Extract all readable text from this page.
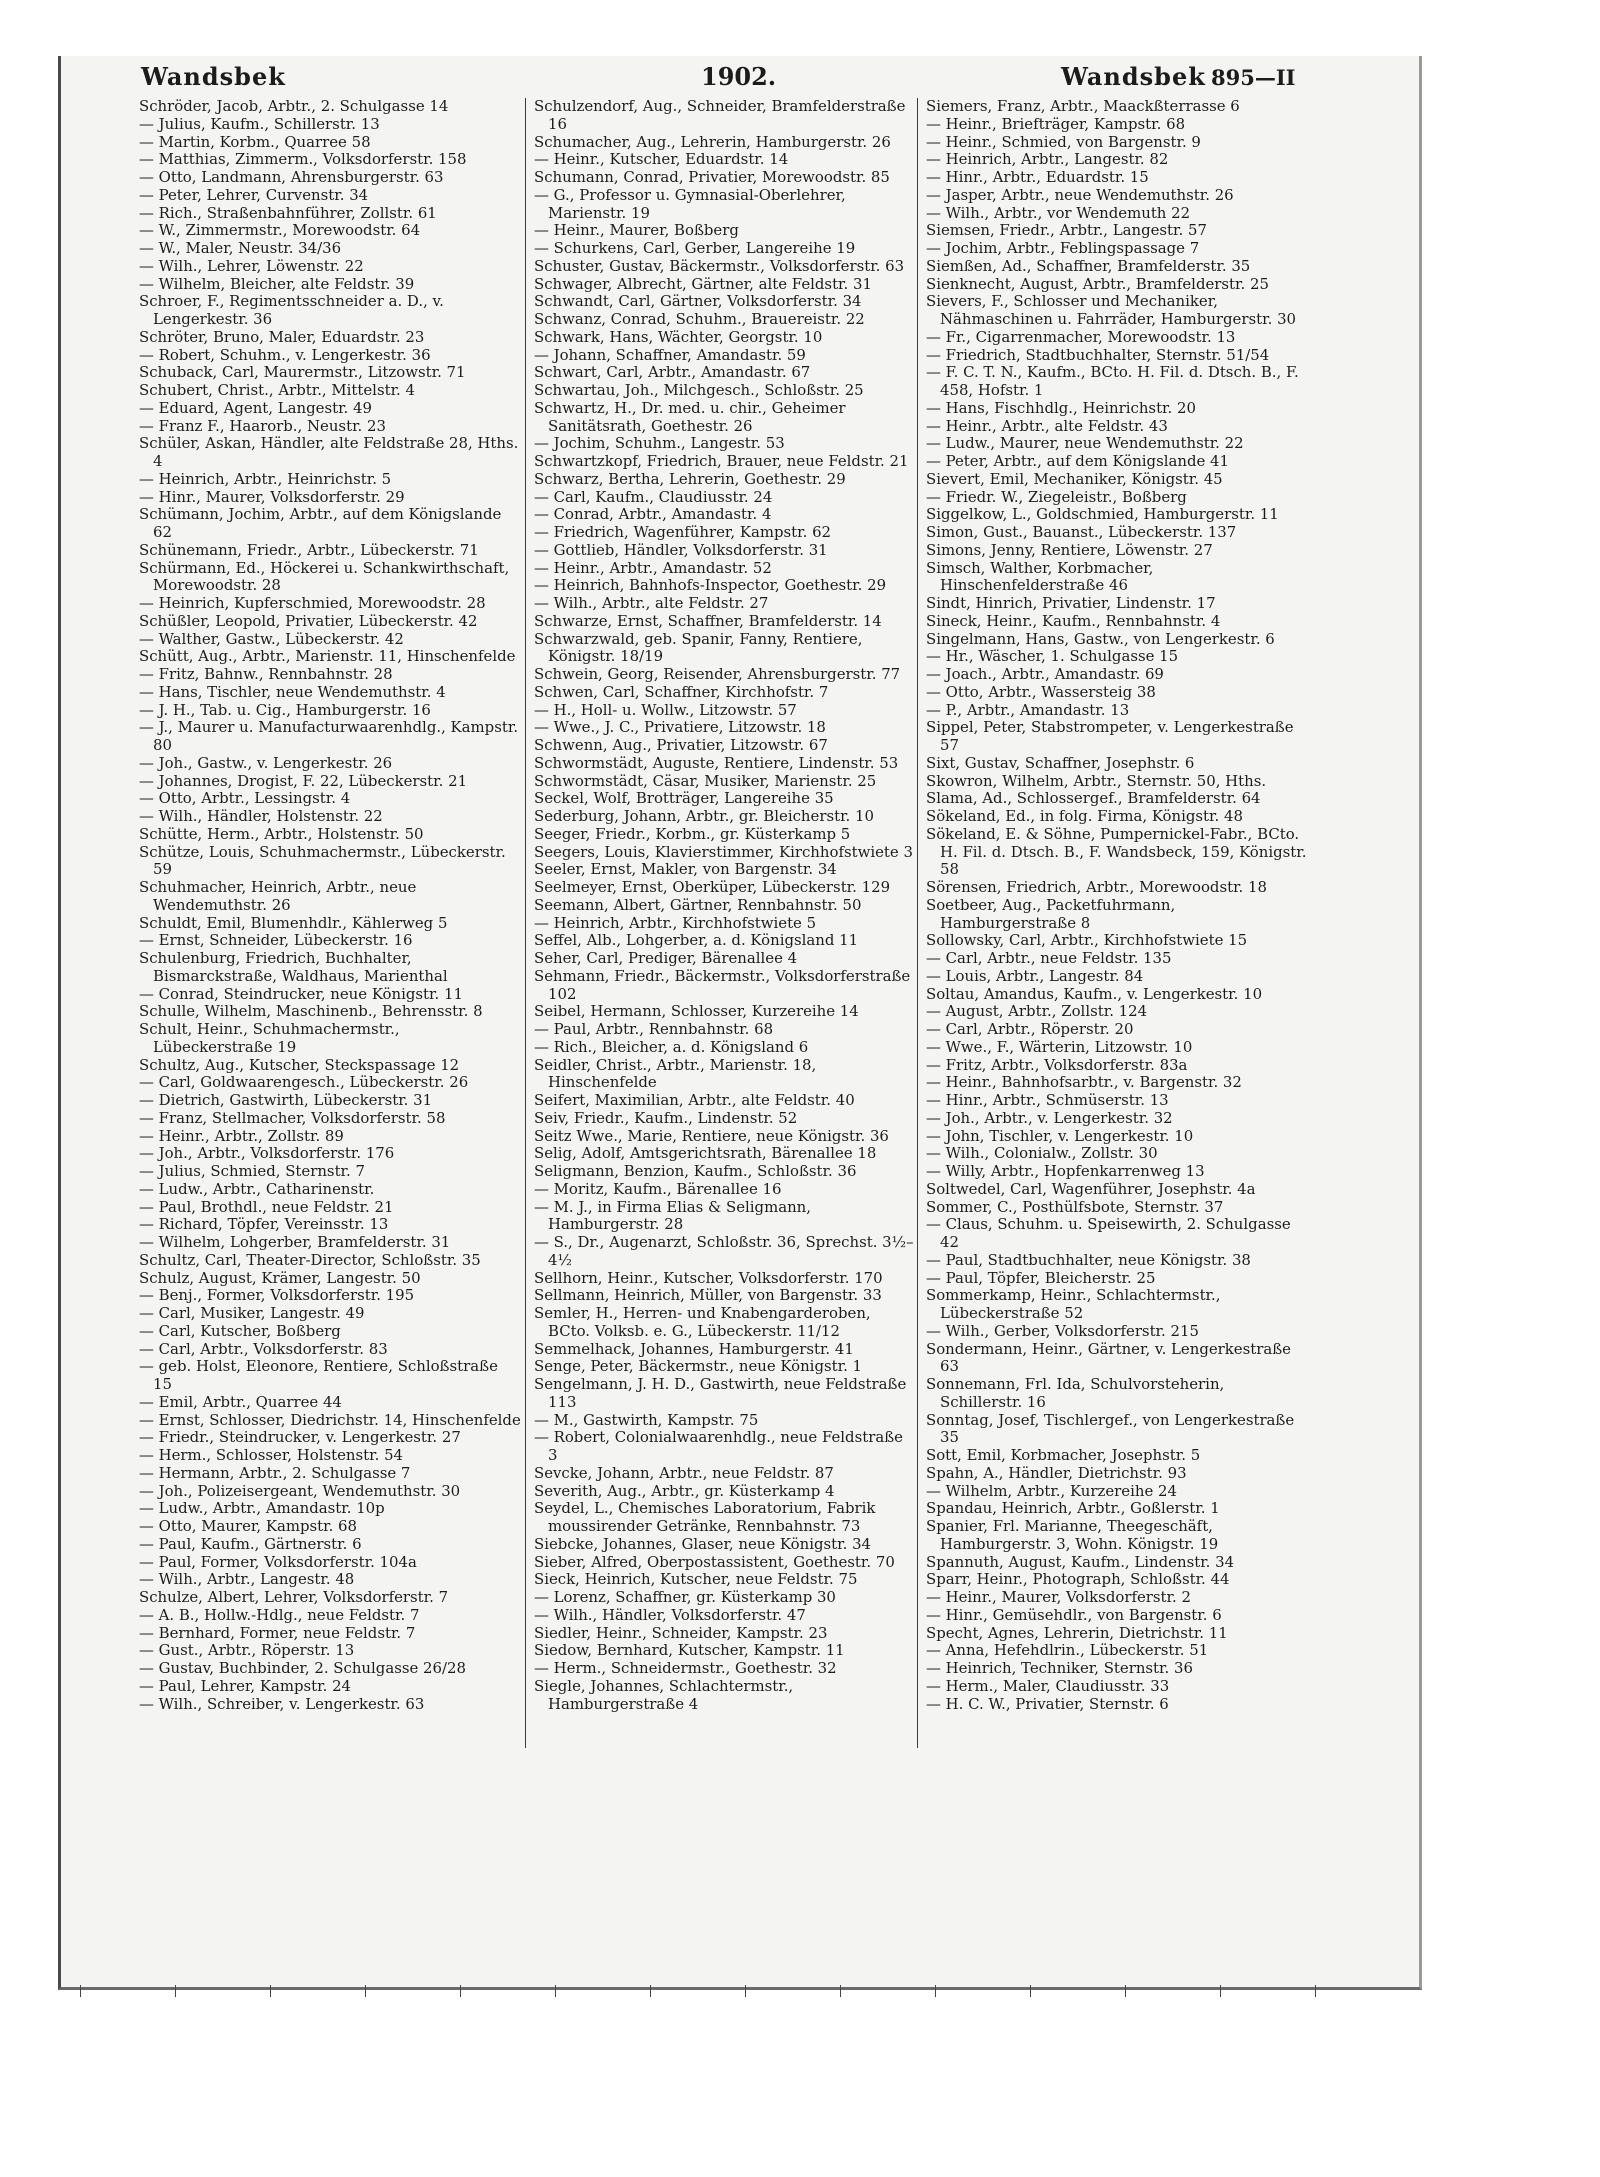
Wandsbek	1902.	Wandsbek 895—II
Schröder, Jacob, Arbtr., 2. Schulgasse 14
— Julius, Kaufm., Schillerstr. 13
— Martin, Korbm., Quarree 58
— Matthias, Zimmerm., Volksdorferstr. 158
— Otto, Landmann, Ahrensburgerstr. 63
— Peter, Lehrer, Curvenstr. 34
— Rich., Straßenbahnführer, Zollstr. 61
— W., Zimmermstr., Morewoodstr. 64
— W., Maler, Neustr. 34/36
— Wilh., Lehrer, Löwenstr. 22
— Wilhelm, Bleicher, alte Feldstr. 39
Schroer, F., Regimentsschneider a. D., v. Lengerkestr. 36
Schröter, Bruno, Maler, Eduardstr. 23
— Robert, Schuhm., v. Lengerkestr. 36
Schuback, Carl, Maurermstr., Litzowstr. 71
Schubert, Christ., Arbtr., Mittelstr. 4
— Eduard, Agent, Langestr. 49
— Franz F., Haarorb., Neustr. 23
Schüler, Askan, Händler, alte Feldstraße 28, Hths. 4
— Heinrich, Arbtr., Heinrichstr. 5
— Hinr., Maurer, Volksdorferstr. 29
Schümann, Jochim, Arbtr., auf dem Königslande 62
Schünemann, Friedr., Arbtr., Lübeckerstr. 71
Schürmann, Ed., Höckerei u. Schankwirthschaft, Morewoodstr. 28
— Heinrich, Kupferschmied, Morewoodstr. 28
Schüßler, Leopold, Privatier, Lübeckerstr. 42
— Walther, Gastw., Lübeckerstr. 42
Schütt, Aug., Arbtr., Marienstr. 11, Hinschenfelde
— Fritz, Bahnw., Rennbahnstr. 28
— Hans, Tischler, neue Wendemuthstr. 4
— J. H., Tab. u. Cig., Hamburgerstr. 16
— J., Maurer u. Manufacturwaarenhdlg., Kampstr. 80
— Joh., Gastw., v. Lengerkestr. 26
— Johannes, Drogist, F. 22, Lübeckerstr. 21
— Otto, Arbtr., Lessingstr. 4
— Wilh., Händler, Holstenstr. 22
Schütte, Herm., Arbtr., Holstenstr. 50
Schütze, Louis, Schuhmachermstr., Lübeckerstr. 59
Schuhmacher, Heinrich, Arbtr., neue Wendemuthstr. 26
Schuldt, Emil, Blumenhdlr., Kählerweg 5
— Ernst, Schneider, Lübeckerstr. 16
Schulenburg, Friedrich, Buchhalter, Bismarckstraße, Waldhaus, Marienthal
— Conrad, Steindrucker, neue Königstr. 11
Schulle, Wilhelm, Maschinenb., Behrensstr. 8
Schult, Heinr., Schuhmachermstr., Lübeckerstraße 19
Schultz, Aug., Kutscher, Steckspassage 12
— Carl, Goldwaarengesch., Lübeckerstr. 26
— Dietrich, Gastwirth, Lübeckerstr. 31
— Franz, Stellmacher, Volksdorferstr. 58
— Heinr., Arbtr., Zollstr. 89
— Joh., Arbtr., Volksdorferstr. 176
— Julius, Schmied, Sternstr. 7
— Ludw., Arbtr., Catharinenstr.
— Paul, Brothdl., neue Feldstr. 21
— Richard, Töpfer, Vereinsstr. 13
— Wilhelm, Lohgerber, Bramfelderstr. 31
Schultz, Carl, Theater-Director, Schloßstr. 35
Schulz, August, Krämer, Langestr. 50
— Benj., Former, Volksdorferstr. 195
— Carl, Musiker, Langestr. 49
— Carl, Kutscher, Boßberg
— Carl, Arbtr., Volksdorferstr. 83
— geb. Holst, Eleonore, Rentiere, Schloßstraße 15
— Emil, Arbtr., Quarree 44
— Ernst, Schlosser, Diedrichstr. 14, Hinschenfelde
— Friedr., Steindrucker, v. Lengerkestr. 27
— Herm., Schlosser, Holstenstr. 54
— Hermann, Arbtr., 2. Schulgasse 7
— Joh., Polizeisergeant, Wendemuthstr. 30
— Ludw., Arbtr., Amandastr. 10p
— Otto, Maurer, Kampstr. 68
— Paul, Kaufm., Gärtnerstr. 6
— Paul, Former, Volksdorferstr. 104a
— Wilh., Arbtr., Langestr. 48
Schulze, Albert, Lehrer, Volksdorferstr. 7
— A. B., Hollw.-Hdlg., neue Feldstr. 7
— Bernhard, Former, neue Feldstr. 7
— Gust., Arbtr., Röperstr. 13
— Gustav, Buchbinder, 2. Schulgasse 26/28
— Paul, Lehrer, Kampstr. 24
— Wilh., Schreiber, v. Lengerkestr. 63
Schulzendorf, Aug., Schneider, Bramfelderstraße 16
Schumacher, Aug., Lehrerin, Hamburgerstr. 26
— Heinr., Kutscher, Eduardstr. 14
Schumann, Conrad, Privatier, Morewoodstr. 85
— G., Professor u. Gymnasial-Oberlehrer, Marienstr. 19
— Heinr., Maurer, Boßberg
— Schurkens, Carl, Gerber, Langereihe 19
Schuster, Gustav, Bäckermstr., Volksdorferstr. 63
Schwager, Albrecht, Gärtner, alte Feldstr. 31
Schwandt, Carl, Gärtner, Volksdorferstr. 34
Schwanz, Conrad, Schuhm., Brauereistr. 22
Schwark, Hans, Wächter, Georgstr. 10
— Johann, Schaffner, Amandastr. 59
Schwart, Carl, Arbtr., Amandastr. 67
Schwartau, Joh., Milchgesch., Schloßstr. 25
Schwartz, H., Dr. med. u. chir., Geheimer Sanitätsrath, Goethestr. 26
— Jochim, Schuhm., Langestr. 53
Schwartzkopf, Friedrich, Brauer, neue Feldstr. 21
Schwarz, Bertha, Lehrerin, Goethestr. 29
— Carl, Kaufm., Claudiusstr. 24
— Conrad, Arbtr., Amandastr. 4
— Friedrich, Wagenführer, Kampstr. 62
— Gottlieb, Händler, Volksdorferstr. 31
— Heinr., Arbtr., Amandastr. 52
— Heinrich, Bahnhofs-Inspector, Goethestr. 29
— Wilh., Arbtr., alte Feldstr. 27
Schwarze, Ernst, Schaffner, Bramfelderstr. 14
Schwarzwald, geb. Spanir, Fanny, Rentiere, Königstr. 18/19
Schwein, Georg, Reisender, Ahrensburgerstr. 77
Schwen, Carl, Schaffner, Kirchhofstr. 7
— H., Holl- u. Wollw., Litzowstr. 57
— Wwe., J. C., Privatiere, Litzowstr. 18
Schwenn, Aug., Privatier, Litzowstr. 67
Schwormstädt, Auguste, Rentiere, Lindenstr. 53
Schwormstädt, Cäsar, Musiker, Marienstr. 25
Seckel, Wolf, Brotträger, Langereihe 35
Sederburg, Johann, Arbtr., gr. Bleicherstr. 10
Seeger, Friedr., Korbm., gr. Küsterkamp 5
Seegers, Louis, Klavierstimmer, Kirchhofstwiete 3
Seeler, Ernst, Makler, von Bargenstr. 34
Seelmeyer, Ernst, Oberküper, Lübeckerstr. 129
Seemann, Albert, Gärtner, Rennbahnstr. 50
— Heinrich, Arbtr., Kirchhofstwiete 5
Seffel, Alb., Lohgerber, a. d. Königsland 11
Seher, Carl, Prediger, Bärenallee 4
Sehmann, Friedr., Bäckermstr., Volksdorferstraße 102
Seibel, Hermann, Schlosser, Kurzereihe 14
— Paul, Arbtr., Rennbahnstr. 68
— Rich., Bleicher, a. d. Königsland 6
Seidler, Christ., Arbtr., Marienstr. 18, Hinschenfelde
Seifert, Maximilian, Arbtr., alte Feldstr. 40
Seiv, Friedr., Kaufm., Lindenstr. 52
Seitz Wwe., Marie, Rentiere, neue Königstr. 36
Selig, Adolf, Amtsgerichtsrath, Bärenallee 18
Seligmann, Benzion, Kaufm., Schloßstr. 36
— Moritz, Kaufm., Bärenallee 16
— M. J., in Firma Elias & Seligmann, Hamburgerstr. 28
— S., Dr., Augenarzt, Schloßstr. 36, Sprechst. 3½–4½
Sellhorn, Heinr., Kutscher, Volksdorferstr. 170
Sellmann, Heinrich, Müller, von Bargenstr. 33
Semler, H., Herren- und Knabengarderoben, BCto. Volksb. e. G., Lübeckerstr. 11/12
Semmelhack, Johannes, Hamburgerstr. 41
Senge, Peter, Bäckermstr., neue Königstr. 1
Sengelmann, J. H. D., Gastwirth, neue Feldstraße 113
— M., Gastwirth, Kampstr. 75
— Robert, Colonialwaarenhdlg., neue Feldstraße 3
Sevcke, Johann, Arbtr., neue Feldstr. 87
Severith, Aug., Arbtr., gr. Küsterkamp 4
Seydel, L., Chemisches Laboratorium, Fabrik moussirender Getränke, Rennbahnstr. 73
Siebcke, Johannes, Glaser, neue Königstr. 34
Sieber, Alfred, Oberpostassistent, Goethestr. 70
Sieck, Heinrich, Kutscher, neue Feldstr. 75
— Lorenz, Schaffner, gr. Küsterkamp 30
— Wilh., Händler, Volksdorferstr. 47
Siedler, Heinr., Schneider, Kampstr. 23
Siedow, Bernhard, Kutscher, Kampstr. 11
— Herm., Schneidermstr., Goethestr. 32
Siegle, Johannes, Schlachtermstr., Hamburgerstraße 4
Siemers, Franz, Arbtr., Maackßterrasse 6
— Heinr., Briefträger, Kampstr. 68
— Heinr., Schmied, von Bargenstr. 9
— Heinrich, Arbtr., Langestr. 82
— Hinr., Arbtr., Eduardstr. 15
— Jasper, Arbtr., neue Wendemuthstr. 26
— Wilh., Arbtr., vor Wendemuth 22
Siemsen, Friedr., Arbtr., Langestr. 57
— Jochim, Arbtr., Feblingspassage 7
Siemßen, Ad., Schaffner, Bramfelderstr. 35
Sienknecht, August, Arbtr., Bramfelderstr. 25
Sievers, F., Schlosser und Mechaniker, Nähmaschinen u. Fahrräder, Hamburgerstr. 30
— Fr., Cigarrenmacher, Morewoodstr. 13
— Friedrich, Stadtbuchhalter, Sternstr. 51/54
— F. C. T. N., Kaufm., BCto. H. Fil. d. Dtsch. B., F. 458, Hofstr. 1
— Hans, Fischhdlg., Heinrichstr. 20
— Heinr., Arbtr., alte Feldstr. 43
— Ludw., Maurer, neue Wendemuthstr. 22
— Peter, Arbtr., auf dem Königslande 41
Sievert, Emil, Mechaniker, Königstr. 45
— Friedr. W., Ziegeleistr., Boßberg
Siggelkow, L., Goldschmied, Hamburgerstr. 11
Simon, Gust., Bauanst., Lübeckerstr. 137
Simons, Jenny, Rentiere, Löwenstr. 27
Simsch, Walther, Korbmacher, Hinschenfelderstraße 46
Sindt, Hinrich, Privatier, Lindenstr. 17
Sineck, Heinr., Kaufm., Rennbahnstr. 4
Singelmann, Hans, Gastw., von Lengerkestr. 6
— Hr., Wäscher, 1. Schulgasse 15
— Joach., Arbtr., Amandastr. 69
— Otto, Arbtr., Wassersteig 38
— P., Arbtr., Amandastr. 13
Sippel, Peter, Stabstrompeter, v. Lengerkestraße 57
Sixt, Gustav, Schaffner, Josephstr. 6
Skowron, Wilhelm, Arbtr., Sternstr. 50, Hths.
Slama, Ad., Schlossergef., Bramfelderstr. 64
Sökeland, Ed., in folg. Firma, Königstr. 48
Sökeland, E. & Söhne, Pumpernickel-Fabr., BCto. H. Fil. d. Dtsch. B., F. Wandsbeck, 159, Königstr. 58
Sörensen, Friedrich, Arbtr., Morewoodstr. 18
Soetbeer, Aug., Packetfuhrmann, Hamburgerstraße 8
Sollowsky, Carl, Arbtr., Kirchhofstwiete 15
— Carl, Arbtr., neue Feldstr. 135
— Louis, Arbtr., Langestr. 84
Soltau, Amandus, Kaufm., v. Lengerkestr. 10
— August, Arbtr., Zollstr. 124
— Carl, Arbtr., Röperstr. 20
— Wwe., F., Wärterin, Litzowstr. 10
— Fritz, Arbtr., Volksdorferstr. 83a
— Heinr., Bahnhofsarbtr., v. Bargenstr. 32
— Hinr., Arbtr., Schmüserstr. 13
— Joh., Arbtr., v. Lengerkestr. 32
— John, Tischler, v. Lengerkestr. 10
— Wilh., Colonialw., Zollstr. 30
— Willy, Arbtr., Hopfenkarrenweg 13
Soltwedel, Carl, Wagenführer, Josephstr. 4a
Sommer, C., Posthülfsbote, Sternstr. 37
— Claus, Schuhm. u. Speisewirth, 2. Schulgasse 42
— Paul, Stadtbuchhalter, neue Königstr. 38
— Paul, Töpfer, Bleicherstr. 25
Sommerkamp, Heinr., Schlachtermstr., Lübeckerstraße 52
— Wilh., Gerber, Volksdorferstr. 215
Sondermann, Heinr., Gärtner, v. Lengerkestraße 63
Sonnemann, Frl. Ida, Schulvorsteherin, Schillerstr. 16
Sonntag, Josef, Tischlergef., von Lengerkestraße 35
Sott, Emil, Korbmacher, Josephstr. 5
Spahn, A., Händler, Dietrichstr. 93
— Wilhelm, Arbtr., Kurzereihe 24
Spandau, Heinrich, Arbtr., Goßlerstr. 1
Spanier, Frl. Marianne, Theegeschäft, Hamburgerstr. 3, Wohn. Königstr. 19
Spannuth, August, Kaufm., Lindenstr. 34
Sparr, Heinr., Photograph, Schloßstr. 44
— Heinr., Maurer, Volksdorferstr. 2
— Hinr., Gemüsehdlr., von Bargenstr. 6
Specht, Agnes, Lehrerin, Dietrichstr. 11
— Anna, Hefehdlrin., Lübeckerstr. 51
— Heinrich, Techniker, Sternstr. 36
— Herm., Maler, Claudiusstr. 33
— H. C. W., Privatier, Sternstr. 6
